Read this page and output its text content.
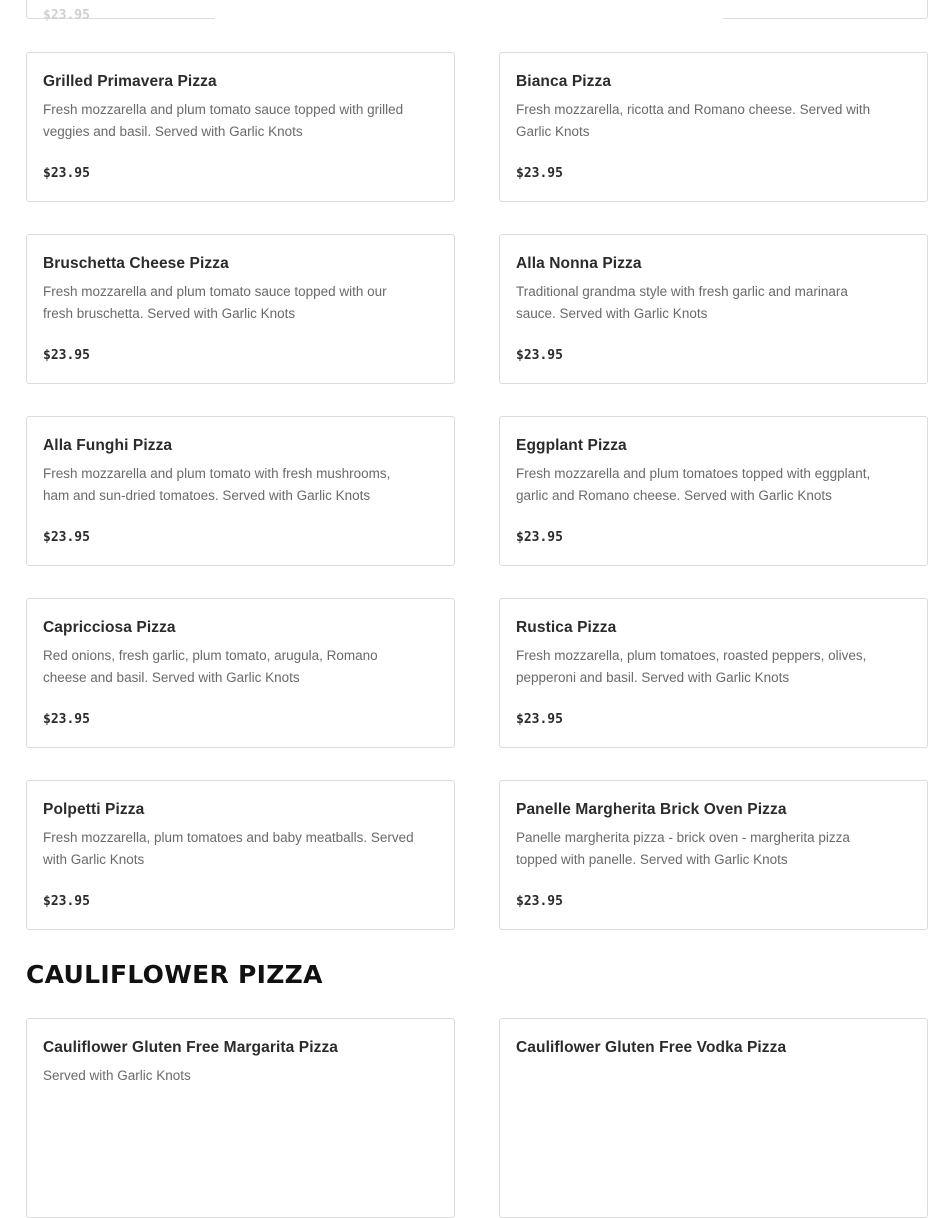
$23.95
Grilled Primavera Pizza
Fresh mozzarella and plum tomato sauce topped with grilled veggies and basil. Served with Garlic Knots
$23.95
Bianca Pizza
Fresh mozzarella, ricotta and Romano cheese. Served with Garlic Knots
$23.95
Bruschetta Cheese Pizza
Fresh mozzarella and plum tomato sauce topped with our fresh bruschetta. Served with Garlic Knots
$23.95
Alla Nonna Pizza
Traditional grandma style with fresh garlic and marinara sauce. Served with Garlic Knots
$23.95
Alla Funghi Pizza
Fresh mozzarella and plum tomato with fresh mushrooms, ham and sun-dried tomatoes. Served with Garlic Knots
$23.95
Eggplant Pizza
Fresh mozzarella and plum tomatoes topped with eggplant, garlic and Romano cheese. Served with Garlic Knots
$23.95
Capricciosa Pizza
Red onions, fresh garlic, plum tomato, arugula, Romano cheese and basil. Served with Garlic Knots
$23.95
Rustica Pizza
Fresh mozzarella, plum tomatoes, roasted peppers, olives, pepperoni and basil. Served with Garlic Knots
$23.95
Polpetti Pizza
Fresh mozzarella, plum tomatoes and baby meatballs. Served with Garlic Knots
$23.95
Panelle Margherita Brick Oven Pizza
Panelle margherita pizza - brick oven - margherita pizza topped with panelle. Served with Garlic Knots
$23.95
CAULIFLOWER PIZZA
Cauliflower Gluten Free Margarita Pizza
Served with Garlic Knots
Cauliflower Gluten Free Vodka Pizza
